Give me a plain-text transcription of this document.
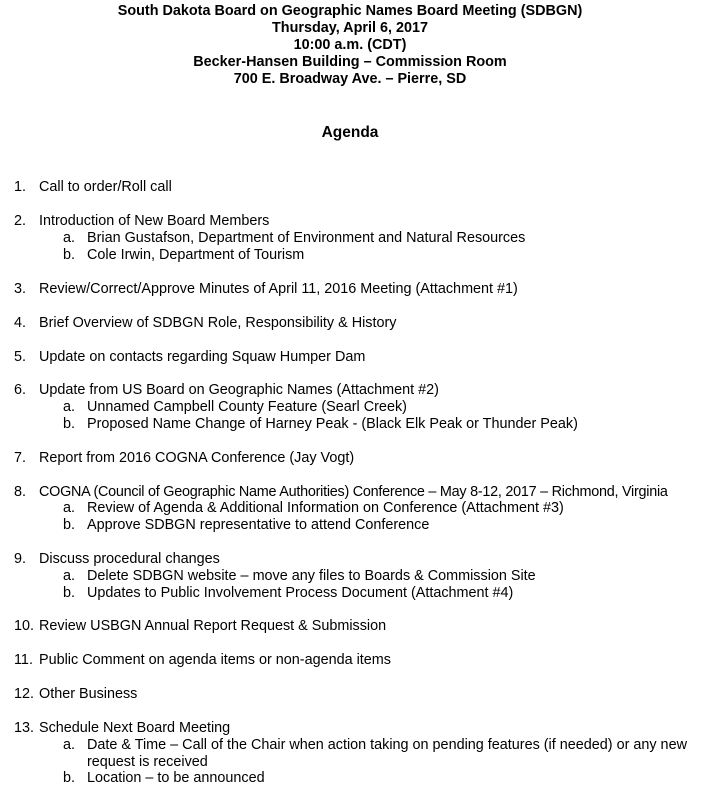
South Dakota Board on Geographic Names Board Meeting (SDBGN)
Thursday, April 6, 2017
10:00 a.m. (CDT)
Becker-Hansen Building – Commission Room
700 E. Broadway Ave. – Pierre, SD
Agenda
1. Call to order/Roll call
2. Introduction of New Board Members
a. Brian Gustafson, Department of Environment and Natural Resources
b. Cole Irwin, Department of Tourism
3. Review/Correct/Approve Minutes of April 11, 2016 Meeting (Attachment #1)
4. Brief Overview of SDBGN Role, Responsibility & History
5. Update on contacts regarding Squaw Humper Dam
6. Update from US Board on Geographic Names (Attachment #2)
a. Unnamed Campbell County Feature (Searl Creek)
b. Proposed Name Change of Harney Peak - (Black Elk Peak or Thunder Peak)
7. Report from 2016 COGNA Conference (Jay Vogt)
8. COGNA (Council of Geographic Name Authorities) Conference – May 8-12, 2017 – Richmond, Virginia
a. Review of Agenda & Additional Information on Conference (Attachment #3)
b. Approve SDBGN representative to attend Conference
9. Discuss procedural changes
a. Delete SDBGN website – move any files to Boards & Commission Site
b. Updates to Public Involvement Process Document (Attachment #4)
10. Review USBGN Annual Report Request & Submission
11. Public Comment on agenda items or non-agenda items
12. Other Business
13. Schedule Next Board Meeting
a. Date & Time – Call of the Chair when action taking on pending features (if needed) or any new request is received
b. Location – to be announced
